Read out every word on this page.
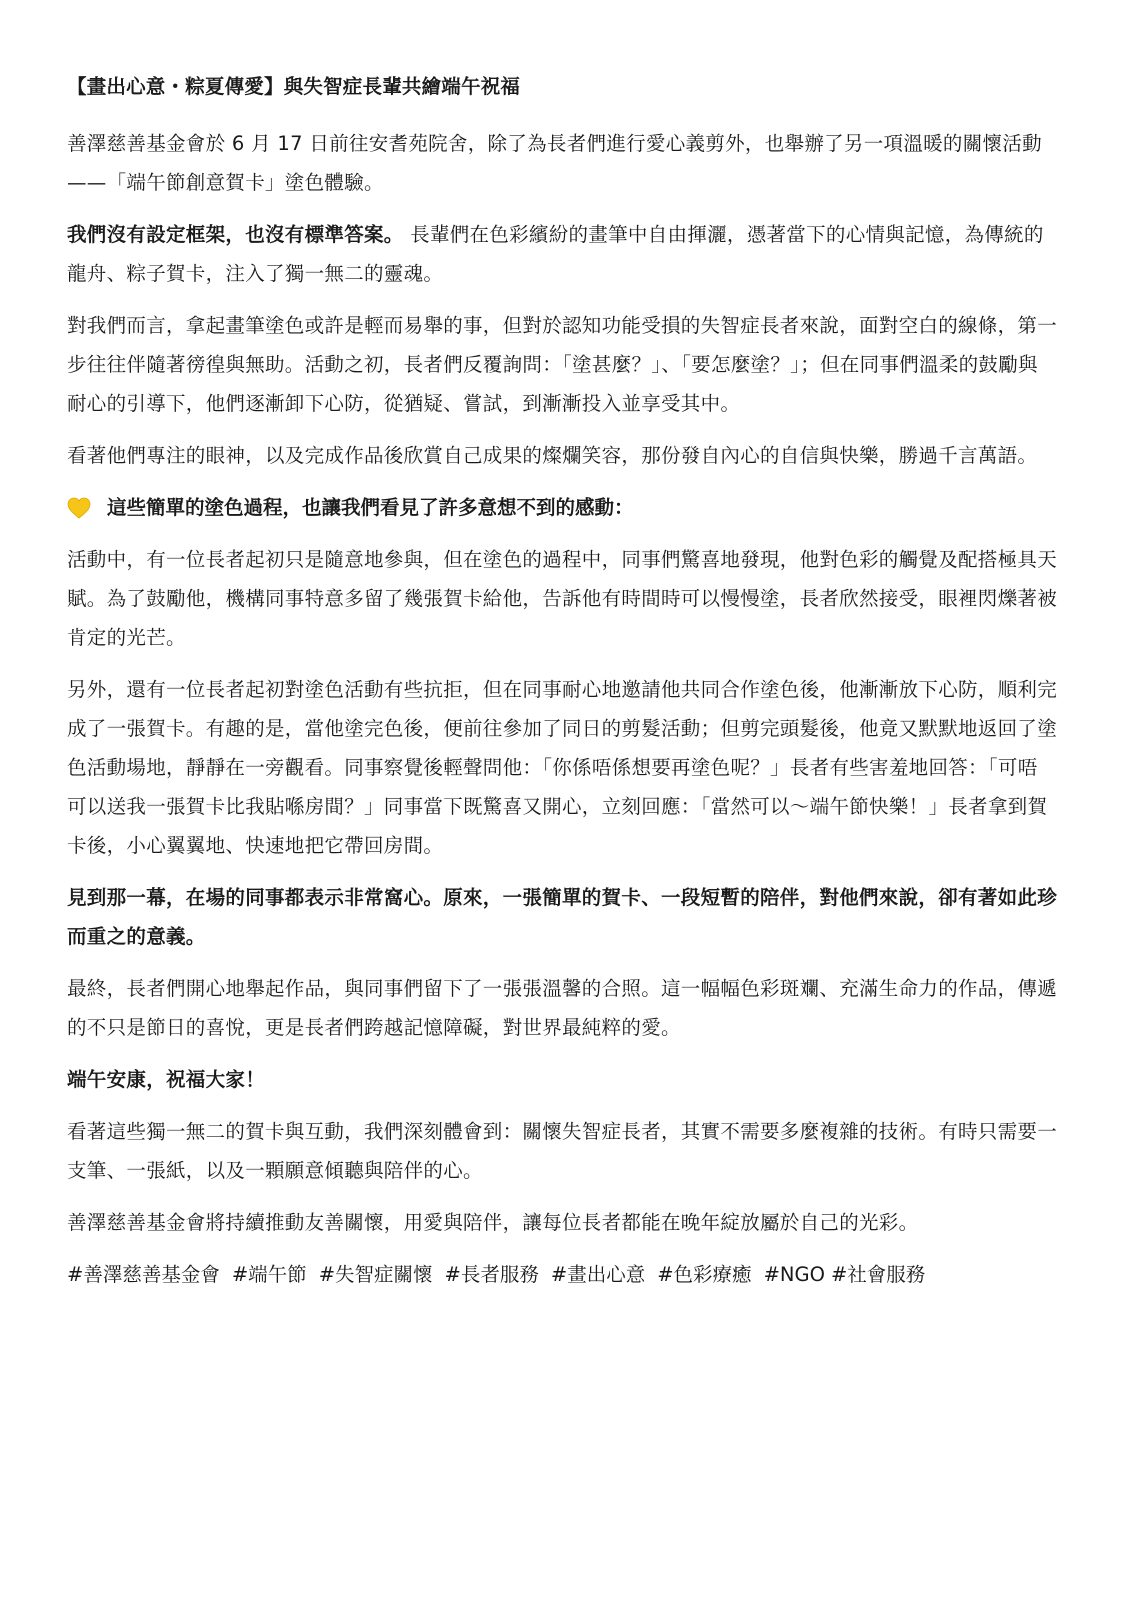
【畫出心意・粽夏傳愛】與失智症長輩共繪端午祝福

善澤慈善基金會於 6 月 17 日前往安耆苑院舍，除了為長者們進行愛心義剪外，也舉辦了另一項溫暖的關懷活動——「端午節創意賀卡」塗色體驗。

我們沒有設定框架，也沒有標準答案。 長輩們在色彩繽紛的畫筆中自由揮灑，憑著當下的心情與記憶，為傳統的龍舟、粽子賀卡，注入了獨一無二的靈魂。

對我們而言，拿起畫筆塗色或許是輕而易舉的事，但對於認知功能受損的失智症長者來說，面對空白的線條，第一步往往伴隨著徬徨與無助。活動之初，長者們反覆詢問：「塗甚麼？」、「要怎麼塗？」；但在同事們溫柔的鼓勵與耐心的引導下，他們逐漸卸下心防，從猶疑、嘗試，到漸漸投入並享受其中。

看著他們專注的眼神，以及完成作品後欣賞自己成果的燦爛笑容，那份發自內心的自信與快樂，勝過千言萬語。

這些簡單的塗色過程，也讓我們看見了許多意想不到的感動：

活動中，有一位長者起初只是隨意地參與，但在塗色的過程中，同事們驚喜地發現，他對色彩的觸覺及配搭極具天賦。為了鼓勵他，機構同事特意多留了幾張賀卡給他，告訴他有時間時可以慢慢塗，長者欣然接受，眼裡閃爍著被肯定的光芒。

另外，還有一位長者起初對塗色活動有些抗拒，但在同事耐心地邀請他共同合作塗色後，他漸漸放下心防，順利完成了一張賀卡。有趣的是，當他塗完色後，便前往參加了同日的剪髮活動；但剪完頭髮後，他竟又默默地返回了塗色活動場地，靜靜在一旁觀看。同事察覺後輕聲問他：「你係唔係想要再塗色呢？」長者有些害羞地回答：「可唔可以送我一張賀卡比我貼喺房間？」同事當下既驚喜又開心，立刻回應：「當然可以～端午節快樂！」長者拿到賀卡後，小心翼翼地、快速地把它帶回房間。

見到那一幕，在場的同事都表示非常窩心。原來，一張簡單的賀卡、一段短暫的陪伴，對他們來說，卻有著如此珍而重之的意義。

最終，長者們開心地舉起作品，與同事們留下了一張張溫馨的合照。這一幅幅色彩斑斕、充滿生命力的作品，傳遞的不只是節日的喜悅，更是長者們跨越記憶障礙，對世界最純粹的愛。

端午安康，祝福大家！

看著這些獨一無二的賀卡與互動，我們深刻體會到：關懷失智症長者，其實不需要多麼複雜的技術。有時只需要一支筆、一張紙，以及一顆願意傾聽與陪伴的心。

善澤慈善基金會將持續推動友善關懷，用愛與陪伴，讓每位長者都能在晚年綻放屬於自己的光彩。

#善澤慈善基金會 #端午節 #失智症關懷 #長者服務 #畫出心意 #色彩療癒 #NGO #社會服務
